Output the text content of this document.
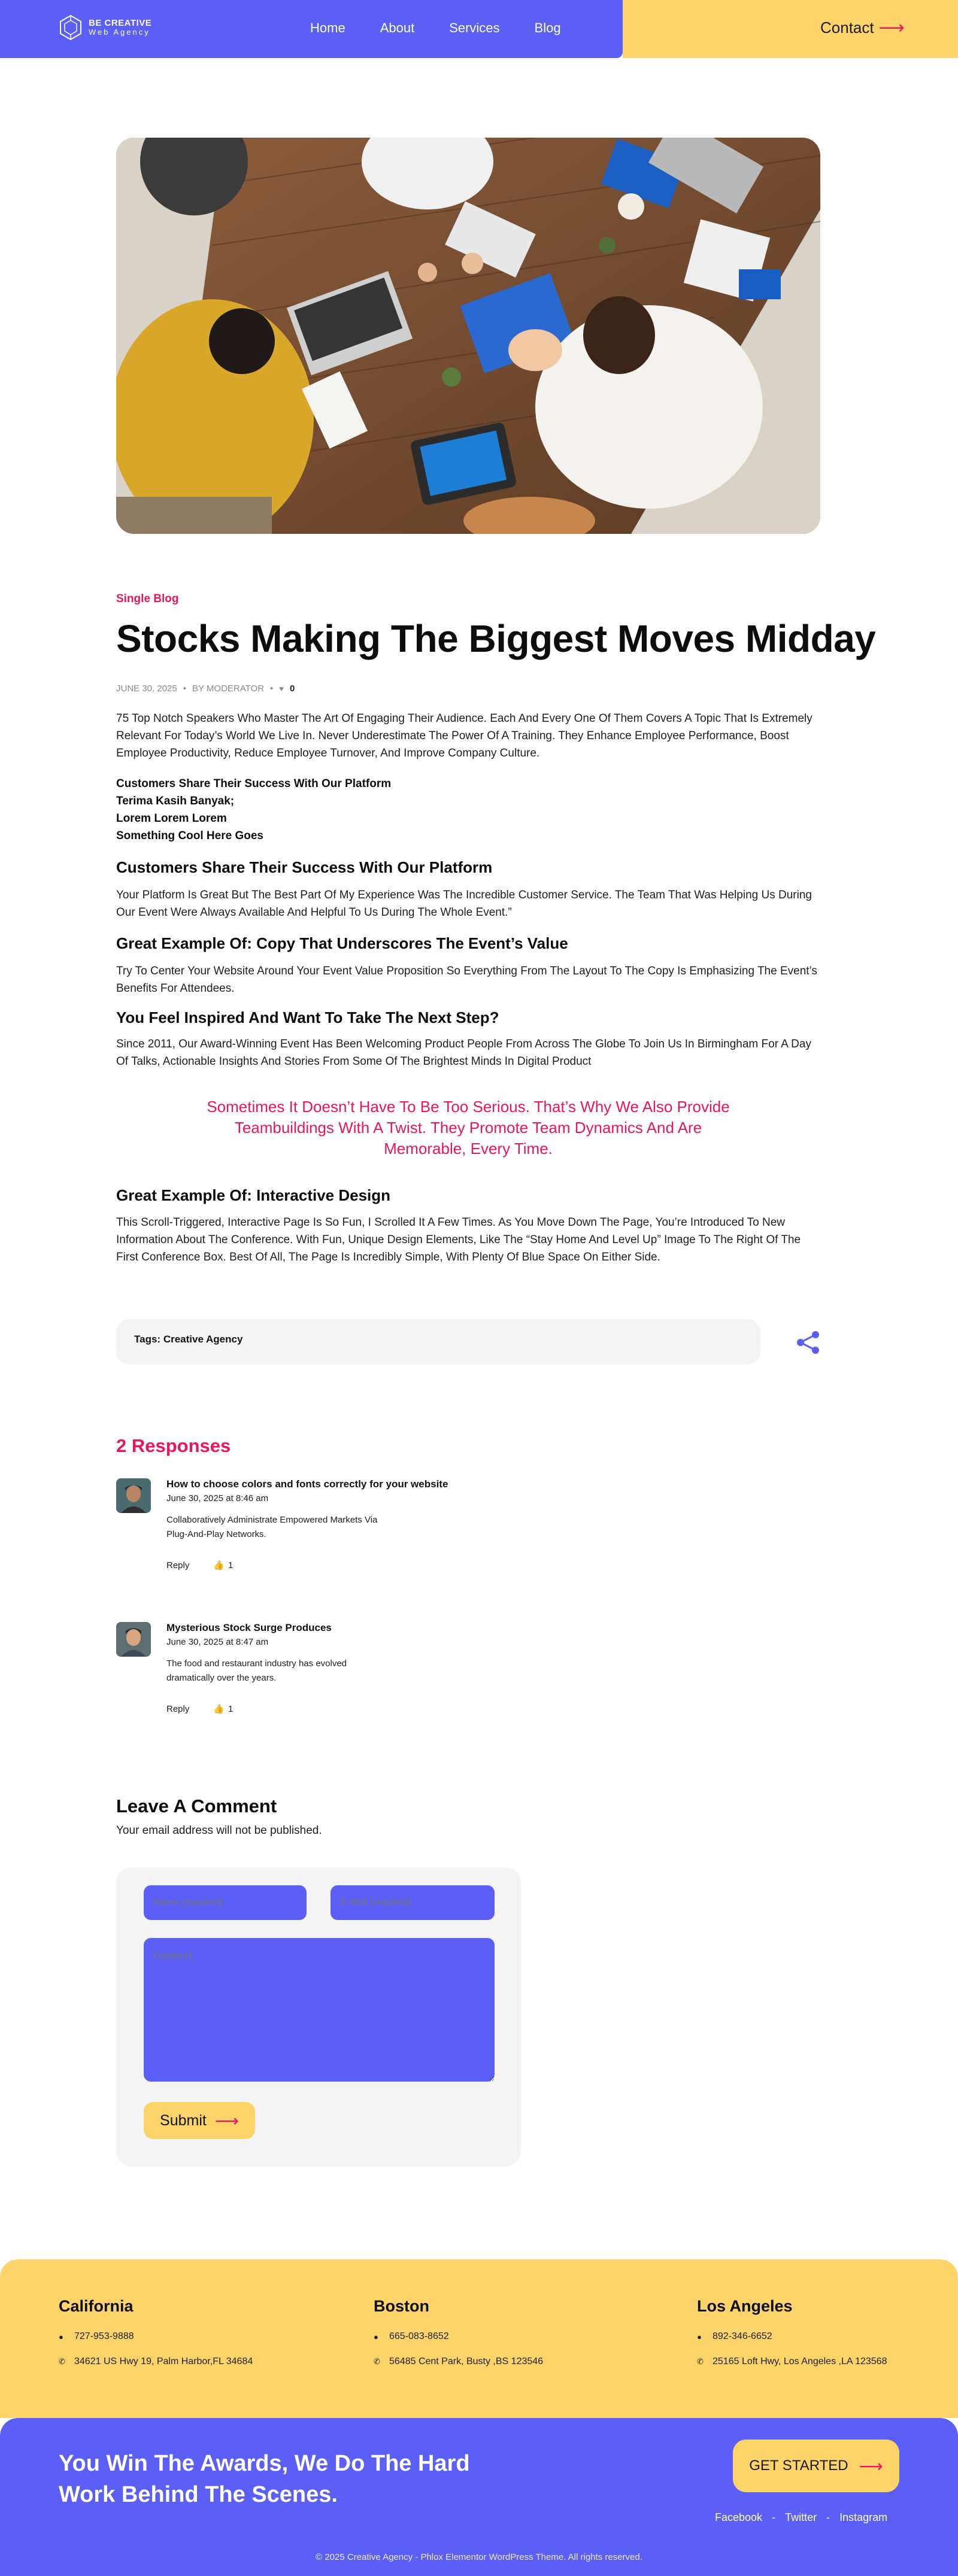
BE CREATIVE
Web Agency	Home	About	Services	Blog	Contact ⟶
Single Blog
Stocks Making The Biggest Moves Midday
JUNE 30, 2025 • BY MODERATOR • ♥ 0

75 Top Notch Speakers Who Master The Art Of Engaging Their Audience. Each And Every One Of Them Covers A Topic That Is Extremely Relevant For Today’s World We Live In. Never Underestimate The Power Of A Training. They Enhance Employee Performance, Boost Employee Productivity, Reduce Employee Turnover, And Improve Company Culture.

Customers Share Their Success With Our Platform
Terima Kasih Banyak;
Lorem Lorem Lorem
Something Cool Here Goes
Customers Share Their Success With Our Platform

Your Platform Is Great But The Best Part Of My Experience Was The Incredible Customer Service. The Team That Was Helping Us During Our Event Were Always Available And Helpful To Us During The Whole Event.”

Great Example Of: Copy That Underscores The Event’s Value

Try To Center Your Website Around Your Event Value Proposition So Everything From The Layout To The Copy Is Emphasizing The Event’s Benefits For Attendees.

You Feel Inspired And Want To Take The Next Step?

Since 2011, Our Award-Winning Event Has Been Welcoming Product People From Across The Globe To Join Us In Birmingham For A Day Of Talks, Actionable Insights And Stories From Some Of The Brightest Minds In Digital Product

Sometimes It Doesn’t Have To Be Too Serious. That’s Why We Also Provide Teambuildings With A Twist. They Promote Team Dynamics And Are Memorable, Every Time.
Great Example Of: Interactive Design

This Scroll-Triggered, Interactive Page Is So Fun, I Scrolled It A Few Times. As You Move Down The Page, You’re Introduced To New Information About The Conference. With Fun, Unique Design Elements, Like The “Stay Home And Level Up” Image To The Right Of The First Conference Box. Best Of All, The Page Is Incredibly Simple, With Plenty Of Blue Space On Either Side.

Tags: Creative Agency
2 Responses
How to choose colors and fonts correctly for your website
June 30, 2025 at 8:46 am
Collaboratively Administrate Empowered Markets Via Plug-And-Play Networks.
Reply	👍 1
Mysterious Stock Surge Produces
June 30, 2025 at 8:47 am
The food and restaurant industry has evolved dramatically over the years.
Reply	👍 1
Leave A Comment
Your email address will not be published.
Name (required)
E-Mail (required)
Comment
Submit ⟶
California
● 727-953-9888
✆ 34621 US Hwy 19, Palm Harbor,FL 34684
Boston
● 665-083-8652
✆ 56485 Cent Park, Busty ,BS 123546
Los Angeles
● 892-346-6652
✆ 25165 Loft Hwy, Los Angeles ,LA 123568
You Win The Awards, We Do The Hard Work Behind The Scenes.
GET STARTED ⟶
Facebook - Twitter - Instagram
© 2025 Creative Agency - Phlox Elementor WordPress Theme. All rights reserved.
